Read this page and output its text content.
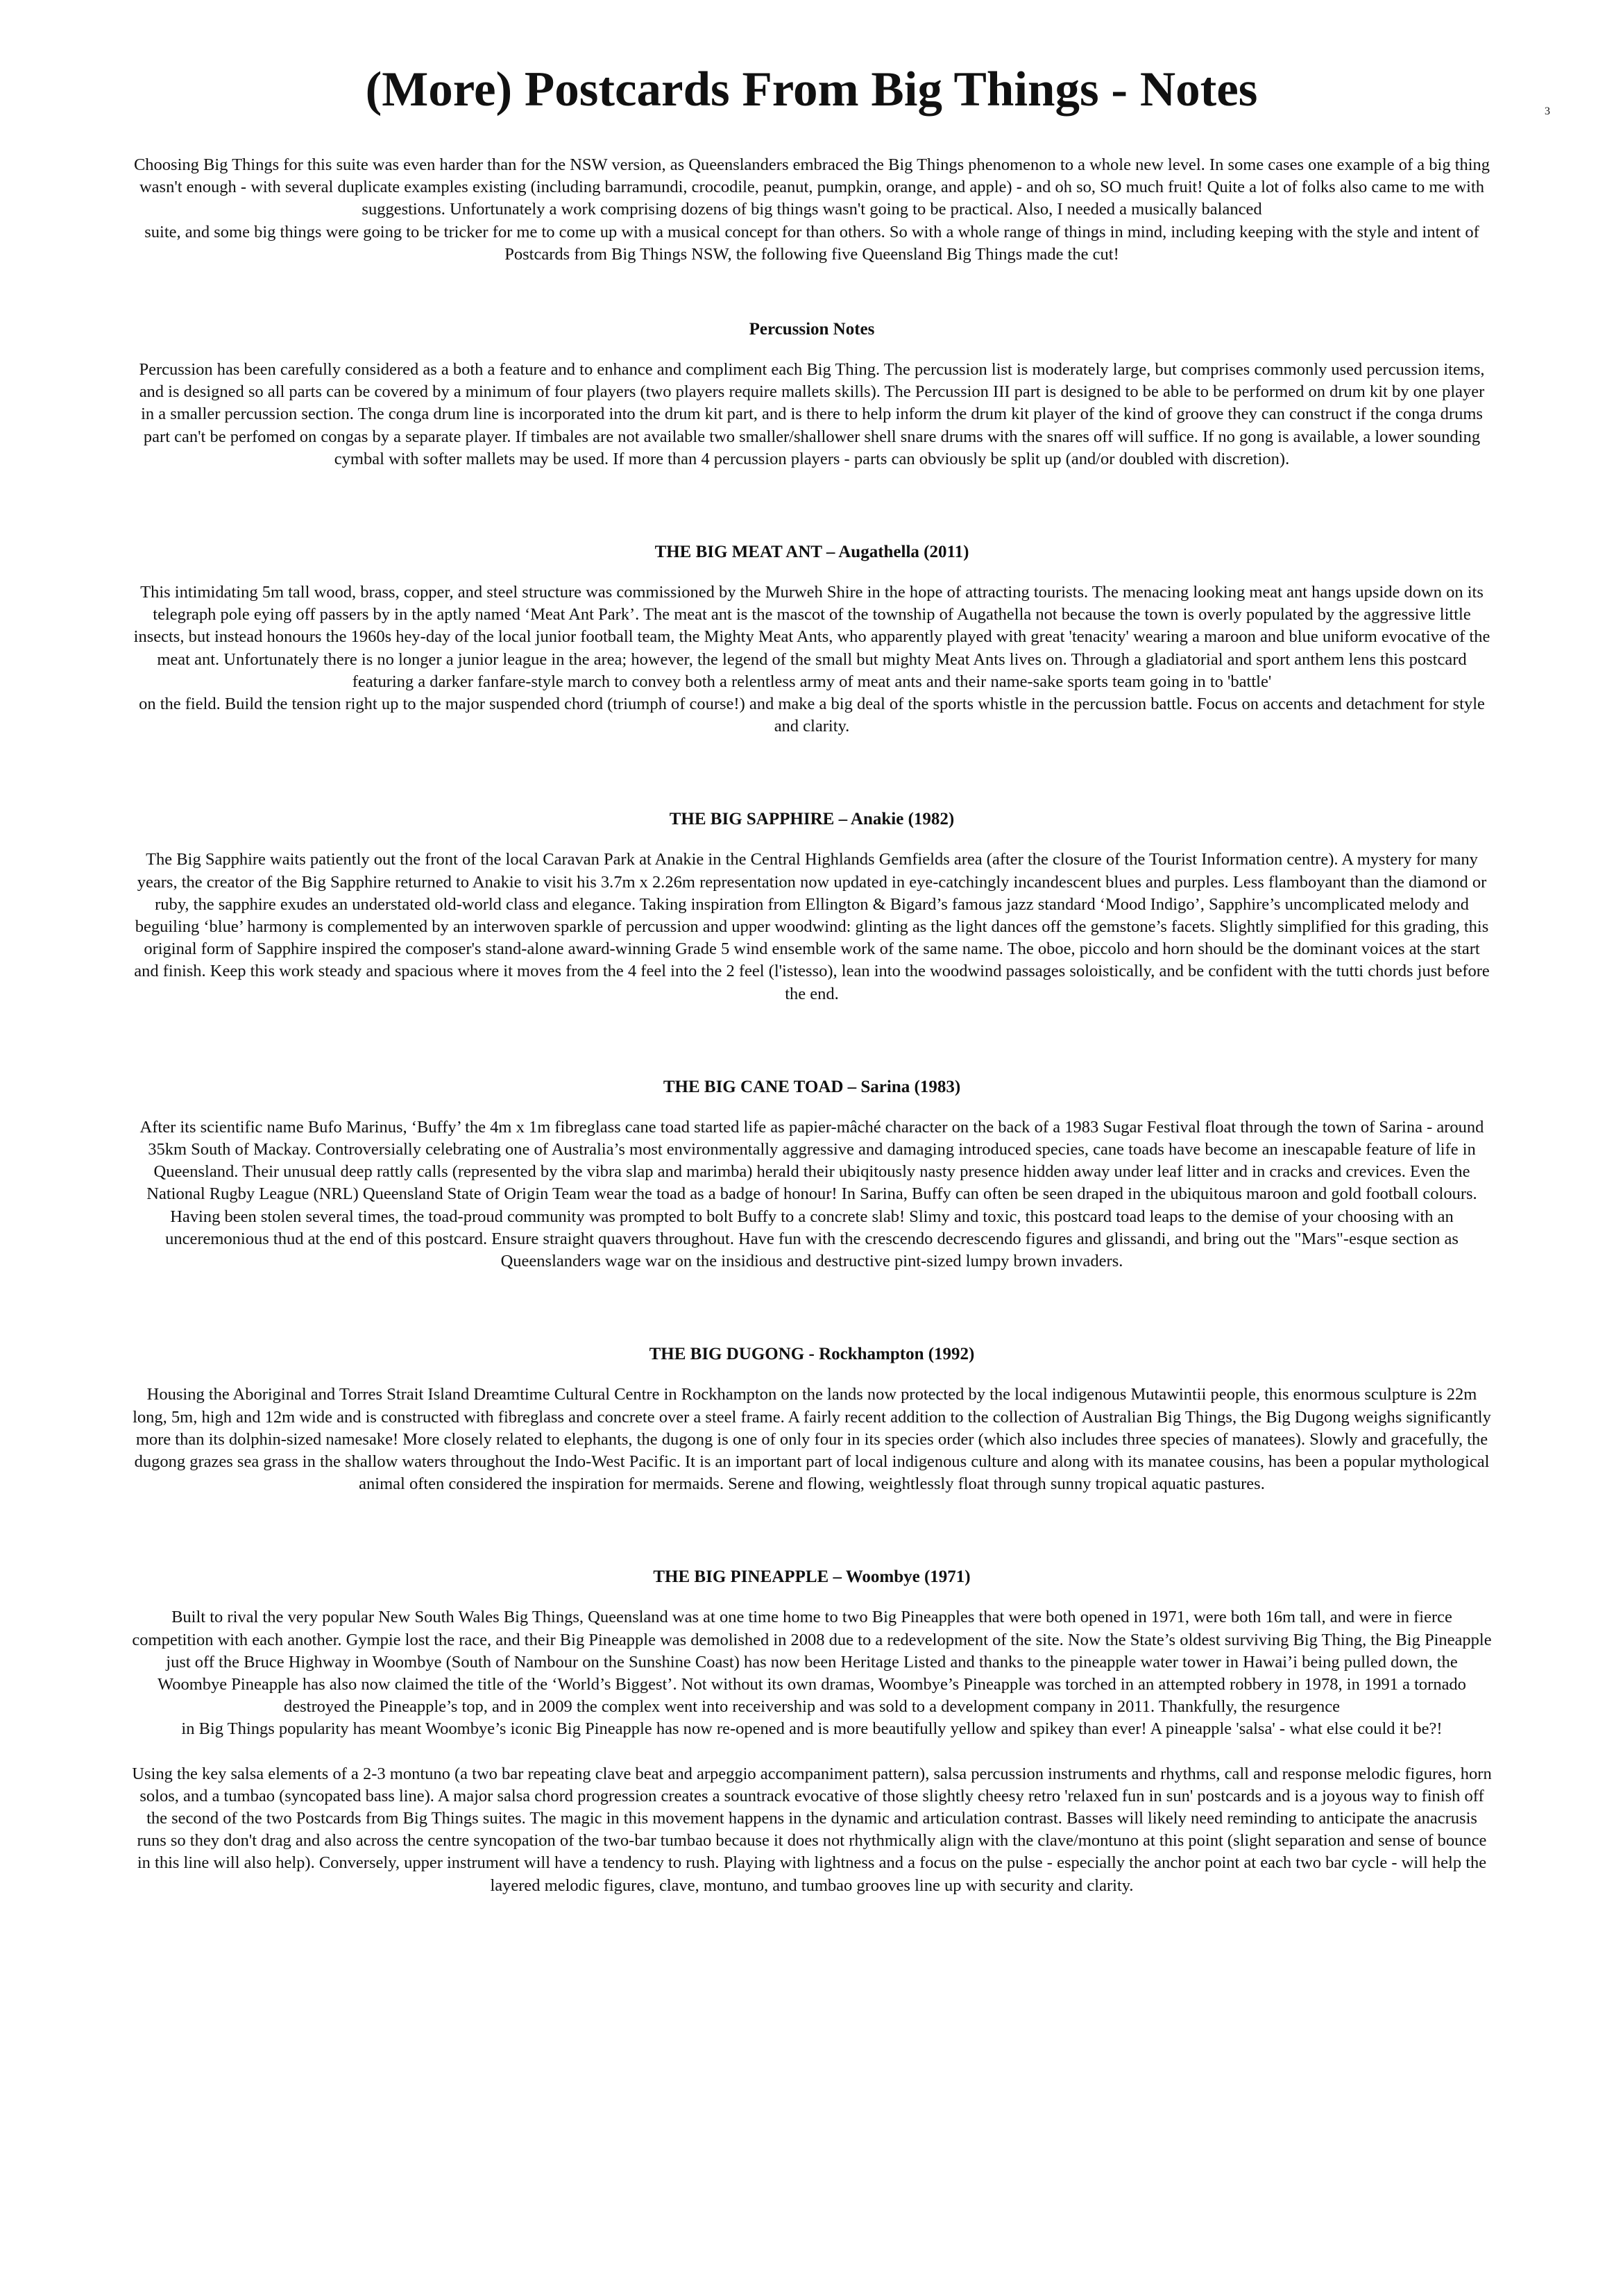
3
(More) Postcards From Big Things - Notes

Choosing Big Things for this suite was even harder than for the NSW version, as Queenslanders embraced the Big Things phenomenon to a whole new level. In some cases one example of a big thing wasn't enough - with several duplicate examples existing (including barramundi, crocodile, peanut, pumpkin, orange, and apple) - and oh so, SO much fruit! Quite a lot of folks also came to me with suggestions. Unfortunately a work comprising dozens of big things wasn't going to be practical. Also, I needed a musically balanced

suite, and some big things were going to be tricker for me to come up with a musical concept for than others. So with a whole range of things in mind, including keeping with the style and intent of Postcards from Big Things NSW, the following five Queensland Big Things made the cut!

Percussion Notes

Percussion has been carefully considered as a both a feature and to enhance and compliment each Big Thing. The percussion list is moderately large, but comprises commonly used percussion items, and is designed so all parts can be covered by a minimum of four players (two players require mallets skills). The Percussion III part is designed to be able to be performed on drum kit by one player in a smaller percussion section. The conga drum line is incorporated into the drum kit part, and is there to help inform the drum kit player of the kind of groove they can construct if the conga drums part can't be perfomed on congas by a separate player. If timbales are not available two smaller/shallower shell snare drums with the snares off will suffice. If no gong is available, a lower sounding cymbal with softer mallets may be used. If more than 4 percussion players - parts can obviously be split up (and/or doubled with discretion).

THE BIG MEAT ANT – Augathella (2011)

This intimidating 5m tall wood, brass, copper, and steel structure was commissioned by the Murweh Shire in the hope of attracting tourists. The menacing looking meat ant hangs upside down on its telegraph pole eying off passers by in the aptly named ‘Meat Ant Park’. The meat ant is the mascot of the township of Augathella not because the town is overly populated by the aggressive little insects, but instead honours the 1960s hey-day of the local junior football team, the Mighty Meat Ants, who apparently played with great 'tenacity' wearing a maroon and blue uniform evocative of the meat ant. Unfortunately there is no longer a junior league in the area; however, the legend of the small but mighty Meat Ants lives on. Through a gladiatorial and sport anthem lens this postcard featuring a darker fanfare-style march to convey both a relentless army of meat ants and their name-sake sports team going in to 'battle'

on the field. Build the tension right up to the major suspended chord (triumph of course!) and make a big deal of the sports whistle in the percussion battle. Focus on accents and detachment for style and clarity.

THE BIG SAPPHIRE – Anakie (1982)

The Big Sapphire waits patiently out the front of the local Caravan Park at Anakie in the Central Highlands Gemfields area (after the closure of the Tourist Information centre). A mystery for many years, the creator of the Big Sapphire returned to Anakie to visit his 3.7m x 2.26m representation now updated in eye-catchingly incandescent blues and purples. Less flamboyant than the diamond or ruby, the sapphire exudes an understated old-world class and elegance. Taking inspiration from Ellington & Bigard’s famous jazz standard ‘Mood Indigo’, Sapphire’s uncomplicated melody and beguiling ‘blue’ harmony is complemented by an interwoven sparkle of percussion and upper woodwind: glinting as the light dances off the gemstone’s facets. Slightly simplified for this grading, this original form of Sapphire inspired the composer's stand-alone award-winning Grade 5 wind ensemble work of the same name. The oboe, piccolo and horn should be the dominant voices at the start and finish. Keep this work steady and spacious where it moves from the 4 feel into the 2 feel (l'istesso), lean into the woodwind passages soloistically, and be confident with the tutti chords just before the end.

THE BIG CANE TOAD – Sarina (1983)

After its scientific name Bufo Marinus, ‘Buffy’ the 4m x 1m fibreglass cane toad started life as papier-mâché character on the back of a 1983 Sugar Festival float through the town of Sarina - around 35km South of Mackay. Controversially celebrating one of Australia’s most environmentally aggressive and damaging introduced species, cane toads have become an inescapable feature of life in Queensland. Their unusual deep rattly calls (represented by the vibra slap and marimba) herald their ubiqitously nasty presence hidden away under leaf litter and in cracks and crevices. Even the National Rugby League (NRL) Queensland State of Origin Team wear the toad as a badge of honour! In Sarina, Buffy can often be seen draped in the ubiquitous maroon and gold football colours. Having been stolen several times, the toad-proud community was prompted to bolt Buffy to a concrete slab! Slimy and toxic, this postcard toad leaps to the demise of your choosing with an unceremonious thud at the end of this postcard. Ensure straight quavers throughout. Have fun with the crescendo decrescendo figures and glissandi, and bring out the "Mars"-esque section as Queenslanders wage war on the insidious and destructive pint-sized lumpy brown invaders.

THE BIG DUGONG - Rockhampton (1992)

Housing the Aboriginal and Torres Strait Island Dreamtime Cultural Centre in Rockhampton on the lands now protected by the local indigenous Mutawintii people, this enormous sculpture is 22m long, 5m, high and 12m wide and is constructed with fibreglass and concrete over a steel frame. A fairly recent addition to the collection of Australian Big Things, the Big Dugong weighs significantly more than its dolphin-sized namesake! More closely related to elephants, the dugong is one of only four in its species order (which also includes three species of manatees). Slowly and gracefully, the dugong grazes sea grass in the shallow waters throughout the Indo-West Pacific. It is an important part of local indigenous culture and along with its manatee cousins, has been a popular mythological animal often considered the inspiration for mermaids. Serene and flowing, weightlessly float through sunny tropical aquatic pastures.

THE BIG PINEAPPLE – Woombye (1971)

Built to rival the very popular New South Wales Big Things, Queensland was at one time home to two Big Pineapples that were both opened in 1971, were both 16m tall, and were in fierce competition with each another. Gympie lost the race, and their Big Pineapple was demolished in 2008 due to a redevelopment of the site. Now the State’s oldest surviving Big Thing, the Big Pineapple just off the Bruce Highway in Woombye (South of Nambour on the Sunshine Coast) has now been Heritage Listed and thanks to the pineapple water tower in Hawai’i being pulled down, the Woombye Pineapple has also now claimed the title of the ‘World’s Biggest’. Not without its own dramas, Woombye’s Pineapple was torched in an attempted robbery in 1978, in 1991 a tornado destroyed the Pineapple’s top, and in 2009 the complex went into receivership and was sold to a development company in 2011. Thankfully, the resurgence

in Big Things popularity has meant Woombye’s iconic Big Pineapple has now re-opened and is more beautifully yellow and spikey than ever! A pineapple 'salsa' - what else could it be?!

Using the key salsa elements of a 2-3 montuno (a two bar repeating clave beat and arpeggio accompaniment pattern), salsa percussion instruments and rhythms, call and response melodic figures, horn solos, and a tumbao (syncopated bass line). A major salsa chord progression creates a sountrack evocative of those slightly cheesy retro 'relaxed fun in sun' postcards and is a joyous way to finish off the second of the two Postcards from Big Things suites. The magic in this movement happens in the dynamic and articulation contrast. Basses will likely need reminding to anticipate the anacrusis runs so they don't drag and also across the centre syncopation of the two-bar tumbao because it does not rhythmically align with the clave/montuno at this point (slight separation and sense of bounce in this line will also help). Conversely, upper instrument will have a tendency to rush. Playing with lightness and a focus on the pulse - especially the anchor point at each two bar cycle - will help the layered melodic figures, clave, montuno, and tumbao grooves line up with security and clarity.
